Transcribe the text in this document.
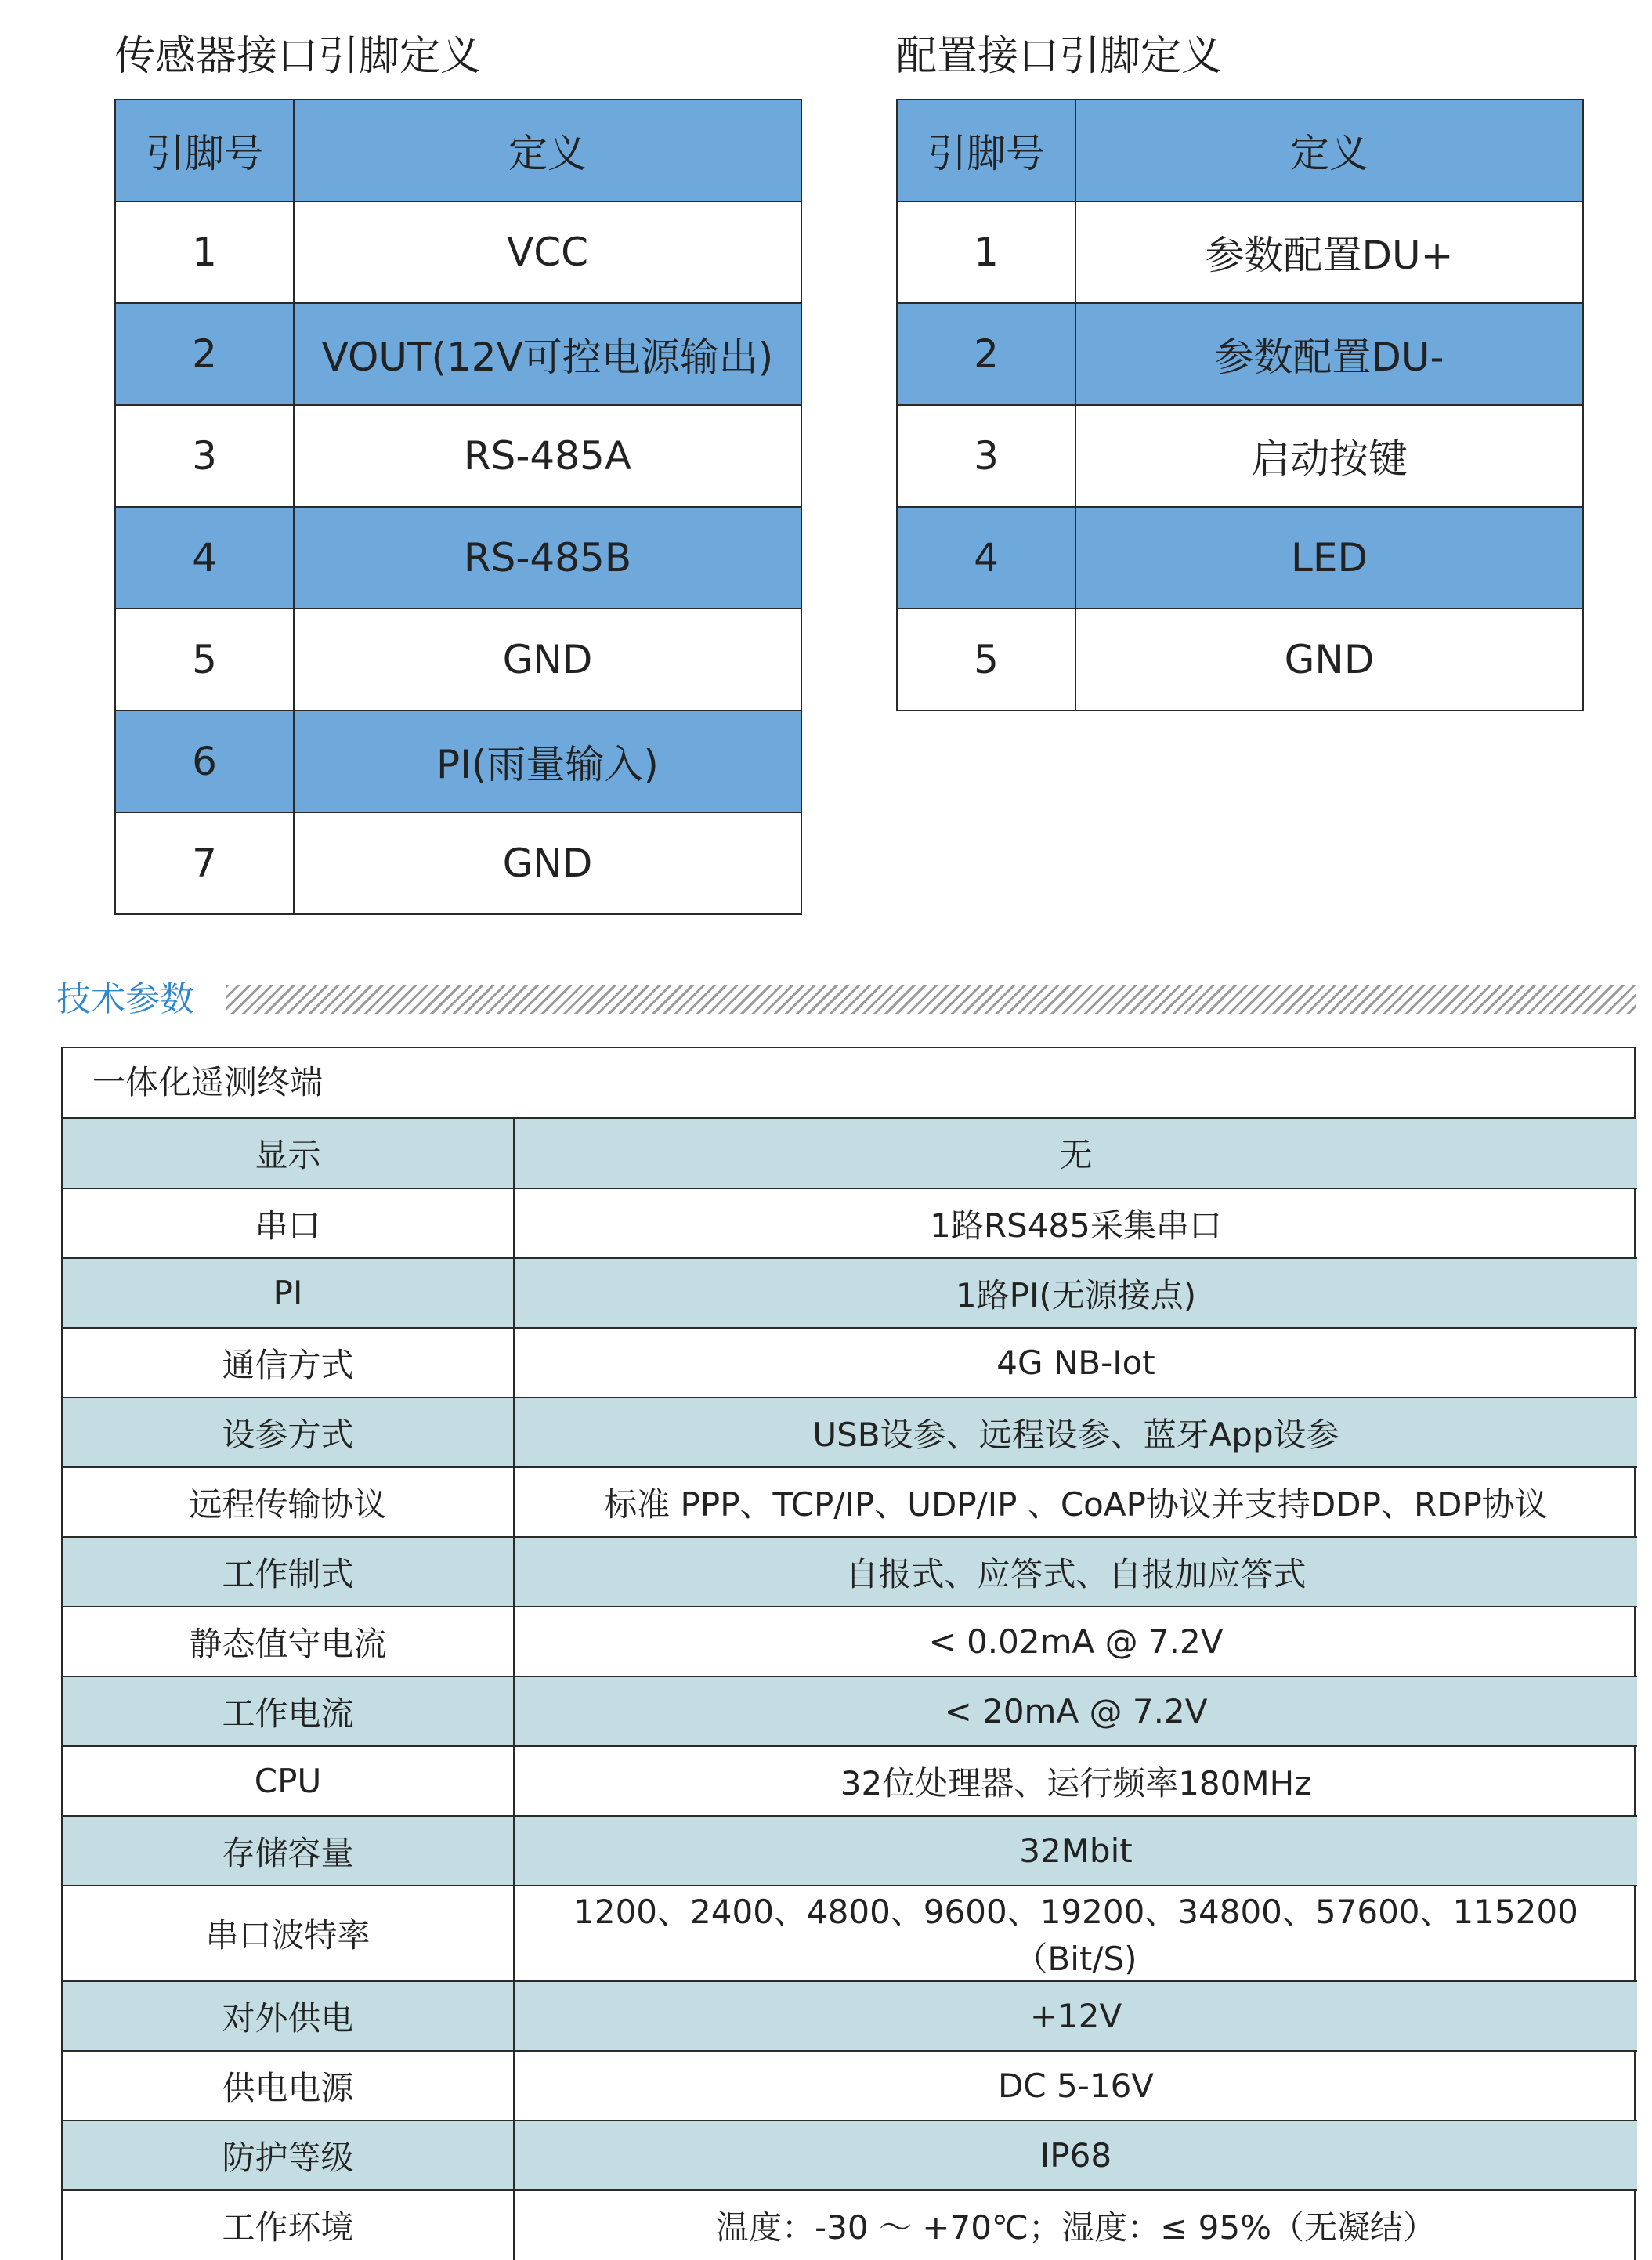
传感器接口引脚定义
引脚号	定义
1	VCC
2	VOUT(12V可控电源输出)
3	RS-485A
4	RS-485B
5	GND
6	PI(雨量输入)
7	GND
配置接口引脚定义
引脚号	定义
1	参数配置DU+
2	参数配置DU-
3	启动按键
4	LED
5	GND
技术参数
一体化遥测终端
显示	无
串口	1路RS485采集串口
PI	1路PI(无源接点)
通信方式	4G NB-Iot
设参方式	USB设参、远程设参、蓝牙App设参
远程传输协议	标准 PPP、TCP/IP、UDP/IP 、CoAP协议并支持DDP、RDP协议
工作制式	自报式、应答式、自报加应答式
静态值守电流	< 0.02mA @ 7.2V
工作电流	< 20mA @ 7.2V
CPU	32位处理器、运行频率180MHz
存储容量	32Mbit
串口波特率	1200、2400、4800、9600、19200、34800、57600、115200（Bit/S)
对外供电	+12V
供电电源	DC 5-16V
防护等级	IP68
工作环境	温度：-30 ～ +70℃；湿度：≤ 95%（无凝结）
